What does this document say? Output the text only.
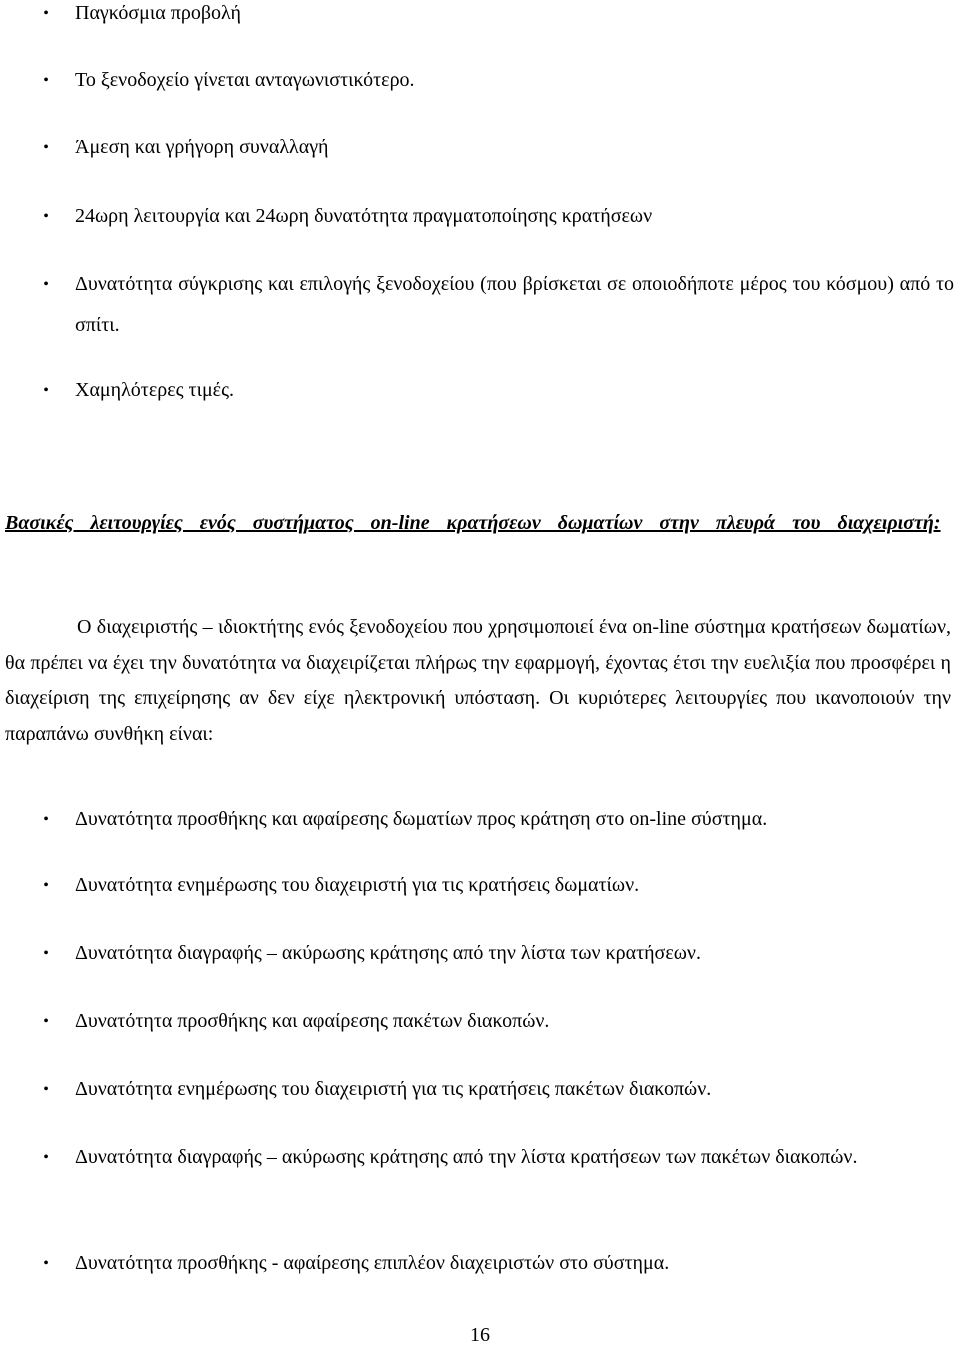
•	Παγκόσμια προβολή
•	Το ξενοδοχείο γίνεται ανταγωνιστικότερο.
•	Άμεση και γρήγορη συναλλαγή
•	24ωρη λειτουργία και 24ωρη δυνατότητα πραγματοποίησης κρατήσεων
•	Δυνατότητα σύγκρισης και επιλογής ξενοδοχείου (που βρίσκεται σε οποιοδήποτε μέρος του κόσμου) από το σπίτι.
•	Χαμηλότερες τιμές.
Βασικές λειτουργίες ενός συστήματος on-line κρατήσεων δωματίων στην πλευρά του διαχειριστή:
Ο διαχειριστής – ιδιοκτήτης ενός ξενοδοχείου που χρησιμοποιεί ένα on-line σύστημα κρατήσεων δωματίων, θα πρέπει να έχει την δυνατότητα να διαχειρίζεται πλήρως την εφαρμογή, έχοντας έτσι την ευελιξία που προσφέρει η διαχείριση της επιχείρησης αν δεν είχε ηλεκτρονική υπόσταση. Οι κυριότερες λειτουργίες που ικανοποιούν την παραπάνω συνθήκη είναι:
•	Δυνατότητα προσθήκης και αφαίρεσης δωματίων προς κράτηση στο on-line σύστημα.
•	Δυνατότητα ενημέρωσης του διαχειριστή για τις κρατήσεις δωματίων.
•	Δυνατότητα διαγραφής – ακύρωσης κράτησης από την λίστα των κρατήσεων.
•	Δυνατότητα προσθήκης και αφαίρεσης πακέτων διακοπών.
•	Δυνατότητα ενημέρωσης του διαχειριστή για τις κρατήσεις πακέτων διακοπών.
•	Δυνατότητα διαγραφής – ακύρωσης κράτησης από την λίστα κρατήσεων των πακέτων διακοπών.
•	Δυνατότητα προσθήκης - αφαίρεσης επιπλέον διαχειριστών στο σύστημα.
16
